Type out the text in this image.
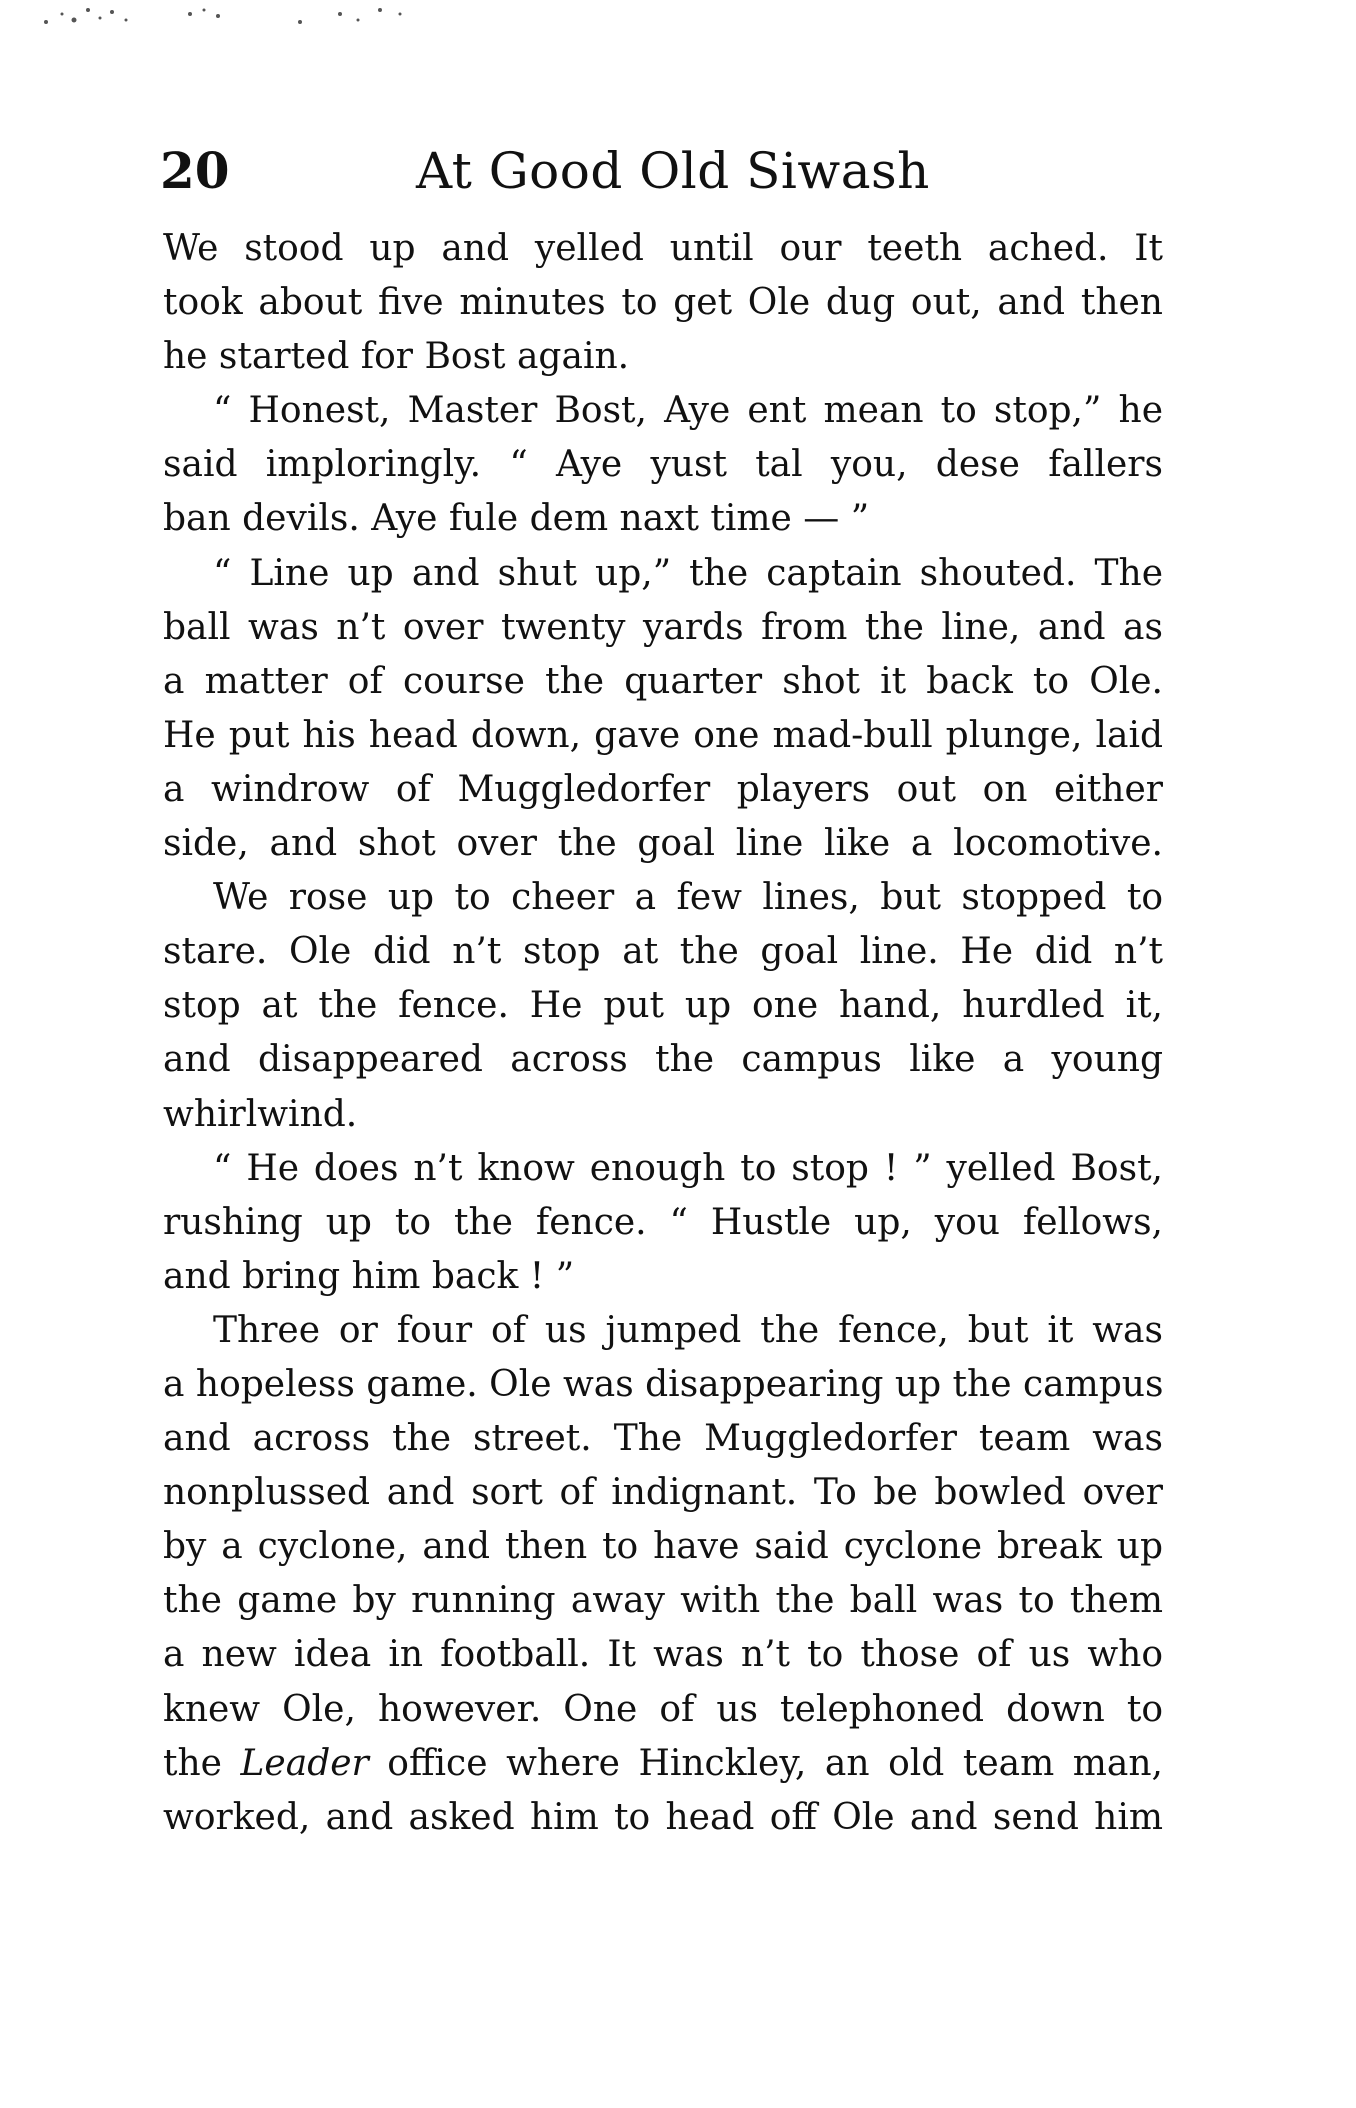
20	At Good Old Siwash
We stood up and yelled until our teeth ached. It
took about five minutes to get Ole dug out, and then
he started for Bost again.
“ Honest, Master Bost, Aye ent mean to stop,” he
said imploringly. “ Aye yust tal you, dese fallers
ban devils. Aye fule dem naxt time — ”
“ Line up and shut up,” the captain shouted. The
ball was n’t over twenty yards from the line, and as
a matter of course the quarter shot it back to Ole.
He put his head down, gave one mad-bull plunge, laid
a windrow of Muggledorfer players out on either
side, and shot over the goal line like a locomotive.
We rose up to cheer a few lines, but stopped to
stare. Ole did n’t stop at the goal line. He did n’t
stop at the fence. He put up one hand, hurdled it,
and disappeared across the campus like a young
whirlwind.
“ He does n’t know enough to stop ! ” yelled Bost,
rushing up to the fence. “ Hustle up, you fellows,
and bring him back ! ”
Three or four of us jumped the fence, but it was
a hopeless game. Ole was disappearing up the campus
and across the street. The Muggledorfer team was
nonplussed and sort of indignant. To be bowled over
by a cyclone, and then to have said cyclone break up
the game by running away with the ball was to them
a new idea in football. It was n’t to those of us who
knew Ole, however. One of us telephoned down to
the Leader office where Hinckley, an old team man,
worked, and asked him to head off Ole and send him
